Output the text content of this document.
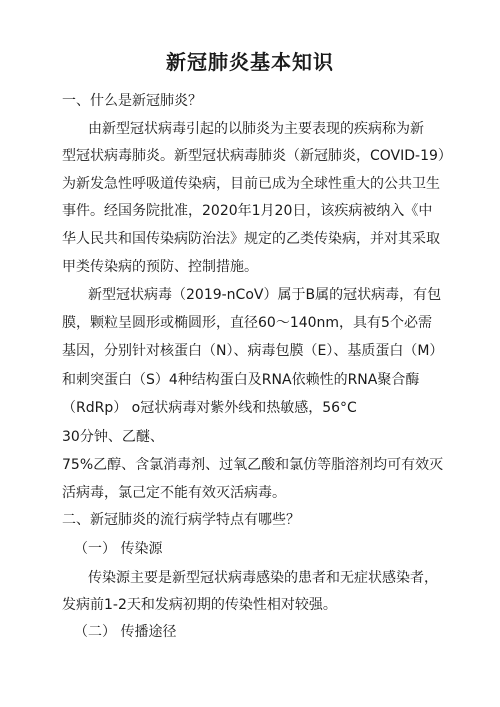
新冠肺炎基本知识
一、什么是新冠肺炎？
由新型冠状病毒引起的以肺炎为主要表现的疾病称为新
型冠状病毒肺炎。新型冠状病毒肺炎（新冠肺炎，COVID-19）
为新发急性呼吸道传染病，目前已成为全球性重大的公共卫生
事件。经国务院批准，2020年1月20日，该疾病被纳入《中
华人民共和国传染病防治法》规定的乙类传染病，并对其采取
甲类传染病的预防、控制措施。
新型冠状病毒（2019-nCoV）属于B属的冠状病毒，有包
膜，颗粒呈圆形或椭圆形，直径60～140nm，具有5个必需
基因，分别针对核蛋白（N）、病毒包膜（E）、基质蛋白（M）
和刺突蛋白（S）4种结构蛋白及RNA依赖性的RNA聚合酶
（RdRp） o冠状病毒对紫外线和热敏感，56°C
30分钟、乙醚、
75%乙醇、含氯消毒剂、过氧乙酸和氯仿等脂溶剂均可有效灭
活病毒，氯己定不能有效灭活病毒。
二、新冠肺炎的流行病学特点有哪些？
（一） 传染源
传染源主要是新型冠状病毒感染的患者和无症状感染者，
发病前1-2天和发病初期的传染性相对较强。
（二） 传播途径
